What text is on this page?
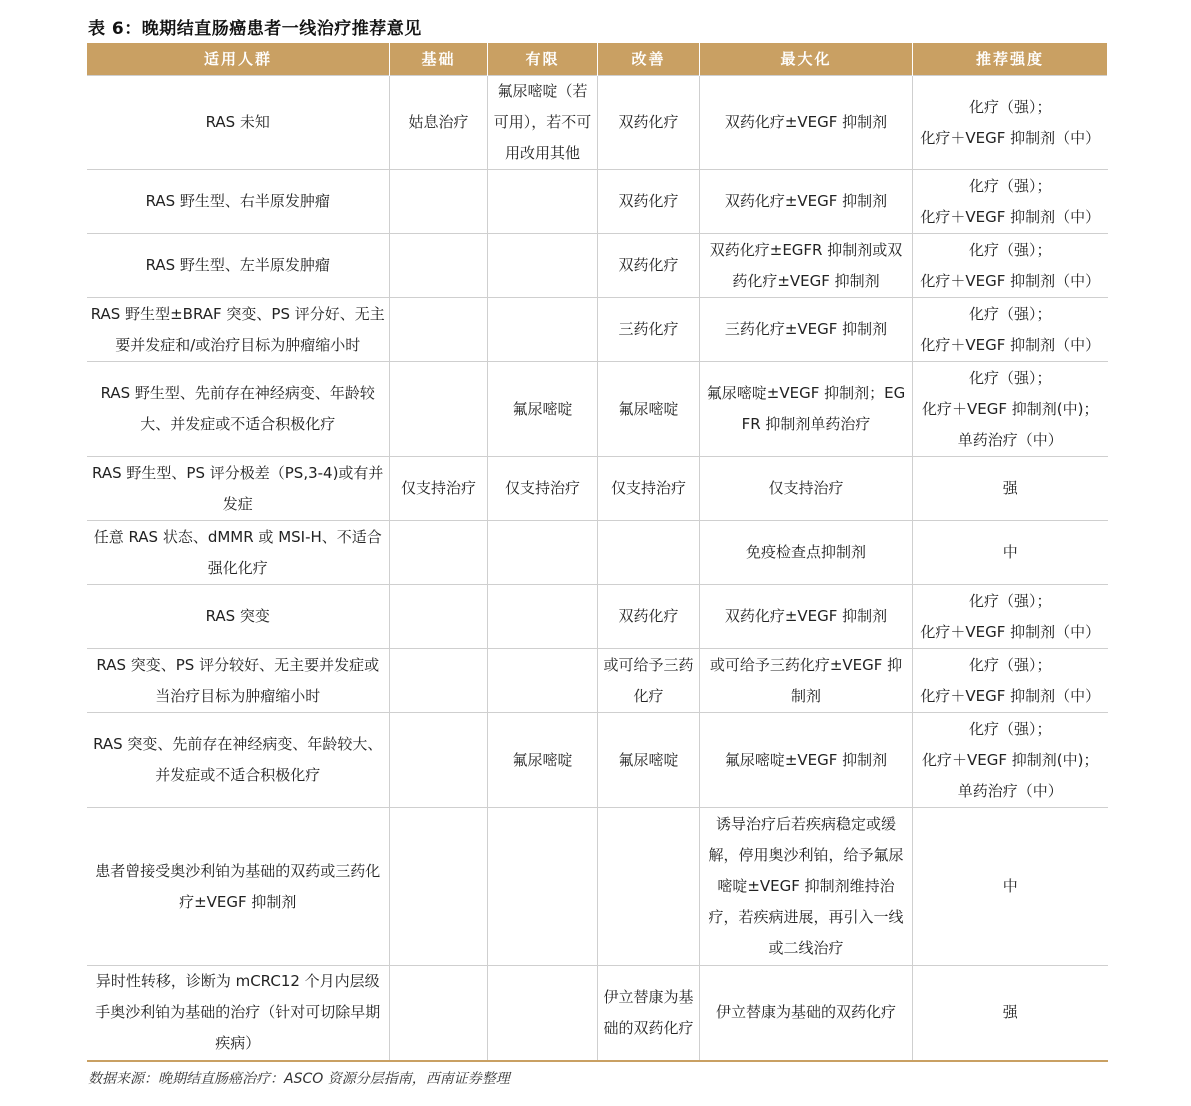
表 6：晚期结直肠癌患者一线治疗推荐意见
适用人群	基础	有限	改善	最大化	推荐强度
RAS 未知	姑息治疗	氟尿嘧啶（若可用），若不可用改用其他	双药化疗	双药化疗±VEGF 抑制剂	化疗（强）；
化疗＋VEGF 抑制剂（中）

RAS 野生型、右半原发肿瘤			双药化疗	双药化疗±VEGF 抑制剂	化疗（强）；
化疗＋VEGF 抑制剂（中）

RAS 野生型、左半原发肿瘤			双药化疗	双药化疗±EGFR 抑制剂或双药化疗±VEGF 抑制剂	化疗（强）；
化疗＋VEGF 抑制剂（中）

RAS 野生型±BRAF 突变、PS 评分好、无主要并发症和/或治疗目标为肿瘤缩小时			三药化疗	三药化疗±VEGF 抑制剂	化疗（强）；
化疗＋VEGF 抑制剂（中）

RAS 野生型、先前存在神经病变、年龄较大、并发症或不适合积极化疗		氟尿嘧啶	氟尿嘧啶	氟尿嘧啶±VEGF 抑制剂；EGFR 抑制剂单药治疗	化疗（强）；
化疗＋VEGF 抑制剂(中)；
单药治疗（中）

RAS 野生型、PS 评分极差（PS,3-4)或有并发症	仅支持治疗	仅支持治疗	仅支持治疗	仅支持治疗	强

任意 RAS 状态、dMMR 或 MSI-H、不适合强化化疗				免疫检查点抑制剂	中

RAS 突变			双药化疗	双药化疗±VEGF 抑制剂	化疗（强）；
化疗＋VEGF 抑制剂（中）

RAS 突变、PS 评分较好、无主要并发症或当治疗目标为肿瘤缩小时			或可给予三药化疗	或可给予三药化疗±VEGF 抑制剂	化疗（强）；
化疗＋VEGF 抑制剂（中）

RAS 突变、先前存在神经病变、年龄较大、并发症或不适合积极化疗		氟尿嘧啶	氟尿嘧啶	氟尿嘧啶±VEGF 抑制剂	化疗（强）；
化疗＋VEGF 抑制剂(中)；
单药治疗（中）

患者曾接受奥沙利铂为基础的双药或三药化疗±VEGF 抑制剂				诱导治疗后若疾病稳定或缓解，停用奥沙利铂，给予氟尿嘧啶±VEGF 抑制剂维持治疗，若疾病进展，再引入一线或二线治疗	中

异时性转移，诊断为 mCRC12 个月内层级手奥沙利铂为基础的治疗（针对可切除早期疾病）			伊立替康为基础的双药化疗	伊立替康为基础的双药化疗	强
数据来源：晚期结直肠癌治疗：ASCO 资源分层指南，西南证券整理
